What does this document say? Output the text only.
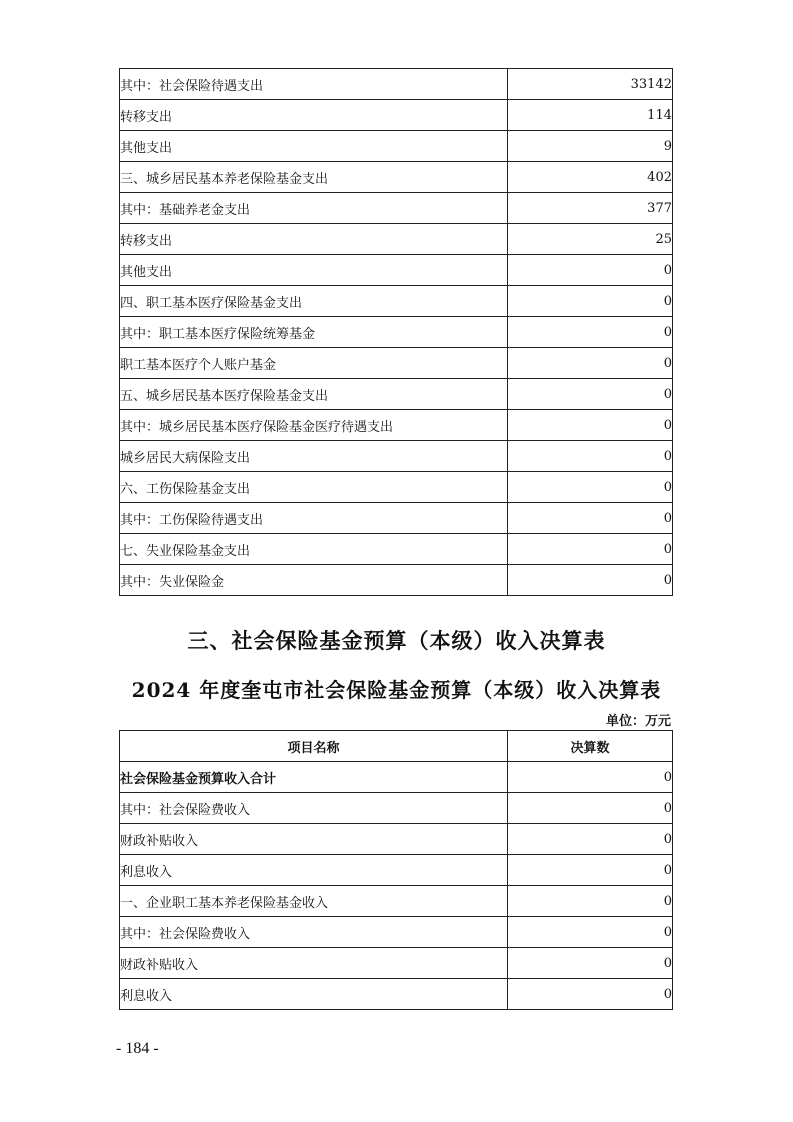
其中：社会保险待遇支出	33142
转移支出	114
其他支出	9
三、城乡居民基本养老保险基金支出	402
其中：基础养老金支出	377
转移支出	25
其他支出	0
四、职工基本医疗保险基金支出	0
其中：职工基本医疗保险统筹基金	0
职工基本医疗个人账户基金	0
五、城乡居民基本医疗保险基金支出	0
其中：城乡居民基本医疗保险基金医疗待遇支出	0
城乡居民大病保险支出	0
六、工伤保险基金支出	0
其中：工伤保险待遇支出	0
七、失业保险基金支出	0
其中：失业保险金	0
三、社会保险基金预算（本级）收入决算表
2024 年度奎屯市社会保险基金预算（本级）收入决算表
单位：万元
项目名称	决算数
社会保险基金预算收入合计	0
其中：社会保险费收入	0
财政补贴收入	0
利息收入	0
一、企业职工基本养老保险基金收入	0
其中：社会保险费收入	0
财政补贴收入	0
利息收入	0
- 184 -
